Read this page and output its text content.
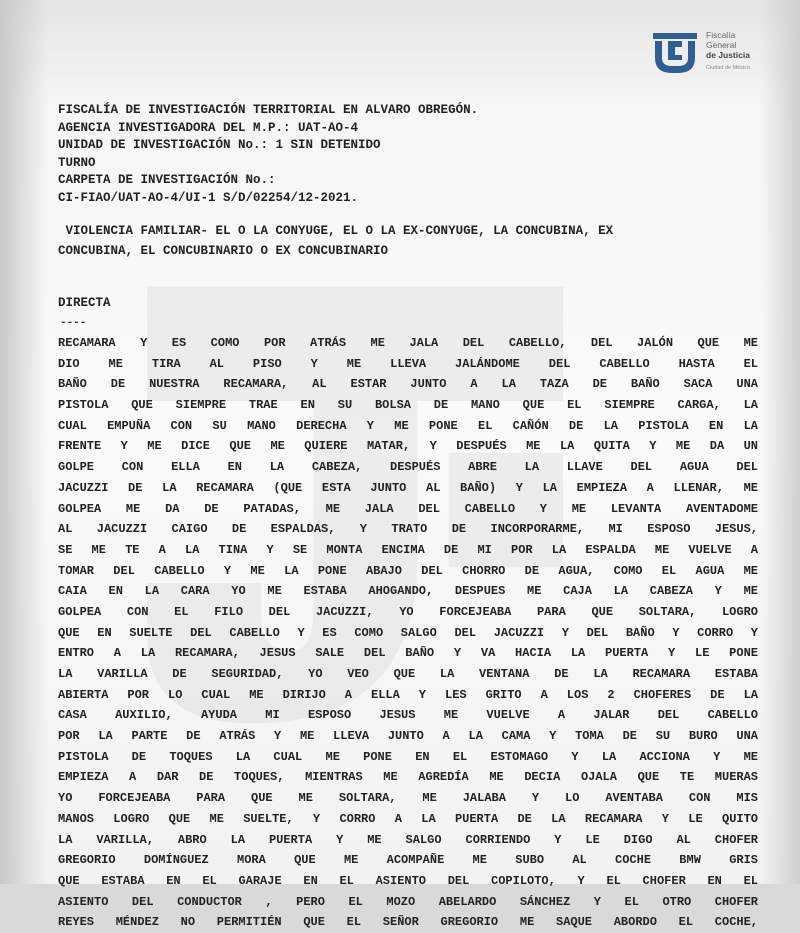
Fiscalía
General
de Justicia
Ciudad de México
FISCALÍA DE INVESTIGACIÓN TERRITORIAL EN ALVARO OBREGÓN.
AGENCIA INVESTIGADORA DEL M.P.: UAT-AO-4
UNIDAD DE INVESTIGACIÓN No.: 1 SIN DETENIDO
TURNO
CARPETA DE INVESTIGACIÓN No.:
CI-FIAO/UAT-AO-4/UI-1 S/D/02254/12-2021.
VIOLENCIA FAMILIAR- EL O LA CONYUGE, EL O LA EX-CONYUGE, LA CONCUBINA, EX
CONCUBINA, EL CONCUBINARIO O EX CONCUBINARIO
DIRECTA
----
RECAMARA Y ES COMO POR ATRÁS ME JALA DEL CABELLO, DEL JALÓN QUE ME
DIO ME TIRA AL PISO Y ME LLEVA JALÁNDOME DEL CABELLO HASTA EL
BAÑO DE NUESTRA RECAMARA, AL ESTAR JUNTO A LA TAZA DE BAÑO SACA UNA
PISTOLA QUE SIEMPRE TRAE EN SU BOLSA DE MANO QUE EL SIEMPRE CARGA, LA
CUAL EMPUÑA CON SU MANO DERECHA Y ME PONE EL CAÑÓN DE LA PISTOLA EN LA
FRENTE Y ME DICE QUE ME QUIERE MATAR, Y DESPUÉS ME LA QUITA Y ME DA UN
GOLPE CON ELLA EN LA CABEZA, DESPUÉS ABRE LA LLAVE DEL AGUA DEL
JACUZZI DE LA RECAMARA (QUE ESTA JUNTO AL BAÑO) Y LA EMPIEZA A LLENAR, ME
GOLPEA ME DA DE PATADAS, ME JALA DEL CABELLO Y ME LEVANTA AVENTADOME
AL JACUZZI CAIGO DE ESPALDAS, Y TRATO DE INCORPORARME, MI ESPOSO JESUS,
SE ME TE A LA TINA Y SE MONTA ENCIMA DE MI POR LA ESPALDA ME VUELVE A
TOMAR DEL CABELLO Y ME LA PONE ABAJO DEL CHORRO DE AGUA, COMO EL AGUA ME
CAIA EN LA CARA YO ME ESTABA AHOGANDO, DESPUES ME CAJA LA CABEZA Y ME
GOLPEA CON EL FILO DEL JACUZZI, YO FORCEJEABA PARA QUE SOLTARA, LOGRO
QUE EN SUELTE DEL CABELLO Y ES COMO SALGO DEL JACUZZI Y DEL BAÑO Y CORRO Y
ENTRO A LA RECAMARA, JESUS SALE DEL BAÑO Y VA HACIA LA PUERTA Y LE PONE
LA VARILLA DE SEGURIDAD, YO VEO QUE LA VENTANA DE LA RECAMARA ESTABA
ABIERTA POR LO CUAL ME DIRIJO A ELLA Y LES GRITO A LOS 2 CHOFERES DE LA
CASA AUXILIO, AYUDA MI ESPOSO JESUS ME VUELVE A JALAR DEL CABELLO
POR LA PARTE DE ATRÁS Y ME LLEVA JUNTO A LA CAMA Y TOMA DE SU BURO UNA
PISTOLA DE TOQUES LA CUAL ME PONE EN EL ESTOMAGO Y LA ACCIONA Y ME
EMPIEZA A DAR DE TOQUES, MIENTRAS ME AGREDÍA ME DECIA OJALA QUE TE MUERAS
YO FORCEJEABA PARA QUE ME SOLTARA, ME JALABA Y LO AVENTABA CON MIS
MANOS LOGRO QUE ME SUELTE, Y CORRO A LA PUERTA DE LA RECAMARA Y LE QUITO
LA VARILLA, ABRO LA PUERTA Y ME SALGO CORRIENDO Y LE DIGO AL CHOFER
GREGORIO DOMÍNGUEZ MORA QUE ME ACOMPAÑE ME SUBO AL COCHE BMW GRIS
QUE ESTABA EN EL GARAJE EN EL ASIENTO DEL COPILOTO, Y EL CHOFER EN EL
ASIENTO DEL CONDUCTOR , PERO EL MOZO ABELARDO SÁNCHEZ Y EL OTRO CHOFER
REYES MÉNDEZ NO PERMITIÉN QUE EL SEÑOR GREGORIO ME SAQUE ABORDO EL COCHE,
